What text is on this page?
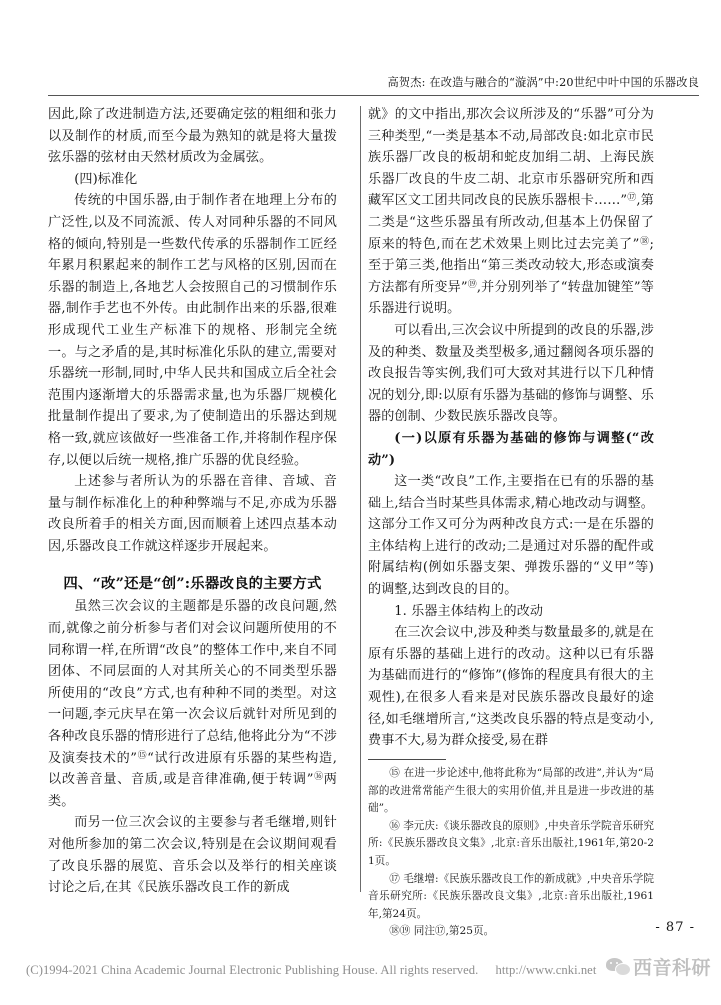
高贺杰: 在改造与融合的“漩涡”中:20世纪中叶中国的乐器改良

因此,除了改进制造方法,还要确定弦的粗细和张力以及制作的材质,而至今最为熟知的就是将大量拨弦乐器的弦材由天然材质改为金属弦。

(四)标准化

传统的中国乐器,由于制作者在地理上分布的广泛性,以及不同流派、传人对同种乐器的不同风格的倾向,特别是一些数代传承的乐器制作工匠经年累月积累起来的制作工艺与风格的区别,因而在乐器的制造上,各地艺人会按照自己的习惯制作乐器,制作手艺也不外传。由此制作出来的乐器,很难形成现代工业生产标准下的规格、形制完全统一。与之矛盾的是,其时标准化乐队的建立,需要对乐器统一形制,同时,中华人民共和国成立后全社会范围内逐渐增大的乐器需求量,也为乐器厂规模化批量制作提出了要求,为了使制造出的乐器达到规格一致,就应该做好一些准备工作,并将制作程序保存,以便以后统一规格,推广乐器的优良经验。

上述参与者所认为的乐器在音律、音域、音量与制作标准化上的种种弊端与不足,亦成为乐器改良所着手的相关方面,因而顺着上述四点基本动因,乐器改良工作就这样逐步开展起来。

四、“改”还是“创”:乐器改良的主要方式

虽然三次会议的主题都是乐器的改良问题,然而,就像之前分析参与者们对会议问题所使用的不同称谓一样,在所谓“改良”的整体工作中,来自不同团体、不同层面的人对其所关心的不同类型乐器所使用的“改良”方式,也有种种不同的类型。对这一问题,李元庆早在第一次会议后就针对所见到的各种改良乐器的情形进行了总结,他将此分为“不涉及演奏技术的”⑮“试行改进原有乐器的某些构造,以改善音量、音质,或是音律准确,便于转调”⑯两类。

而另一位三次会议的主要参与者毛继增,则针对他所参加的第二次会议,特别是在会议期间观看了改良乐器的展览、音乐会以及举行的相关座谈讨论之后,在其《民族乐器改良工作的新成

就》的文中指出,那次会议所涉及的“乐器”可分为三种类型,“一类是基本不动,局部改良:如北京市民族乐器厂改良的板胡和蛇皮加绢二胡、上海民族乐器厂改良的牛皮二胡、北京市乐器研究所和西藏军区文工团共同改良的民族乐器根卡……”⑰,第二类是“这些乐器虽有所改动,但基本上仍保留了原来的特色,而在艺术效果上则比过去完美了”⑱;至于第三类,他指出“第三类改动较大,形态或演奏方法都有所变异”⑲,并分别列举了“转盘加键笙”等乐器进行说明。

可以看出,三次会议中所提到的改良的乐器,涉及的种类、数量及类型极多,通过翻阅各项乐器的改良报告等实例,我们可大致对其进行以下几种情况的划分,即:以原有乐器为基础的修饰与调整、乐器的创制、少数民族乐器改良等。

(一)以原有乐器为基础的修饰与调整(“改动”)

这一类“改良”工作,主要指在已有的乐器的基础上,结合当时某些具体需求,精心地改动与调整。这部分工作又可分为两种改良方式:一是在乐器的主体结构上进行的改动;二是通过对乐器的配件或附属结构(例如乐器支架、弹拨乐器的“义甲”等)的调整,达到改良的目的。

1. 乐器主体结构上的改动

在三次会议中,涉及种类与数量最多的,就是在原有乐器的基础上进行的改动。这种以已有乐器为基础而进行的“修饰”(修饰的程度具有很大的主观性),在很多人看来是对民族乐器改良最好的途径,如毛继增所言,“这类改良乐器的特点是变动小,费事不大,易为群众接受,易在群

⑮ 在进一步论述中,他将此称为“局部的改进”,并认为“局部的改进常常能产生很大的实用价值,并且是进一步改进的基础”。

⑯ 李元庆:《谈乐器改良的原则》,中央音乐学院音乐研究所:《民族乐器改良文集》,北京:音乐出版社,1961年,第20-21页。

⑰ 毛继增:《民族乐器改良工作的新成就》,中央音乐学院音乐研究所:《民族乐器改良文集》,北京:音乐出版社,1961年,第24页。

⑱⑲ 同注⑰,第25页。	- 87 -
(C)1994-2021 China Academic Journal Electronic Publishing House. All rights reserved. http://www.cnki.net 西音科研
